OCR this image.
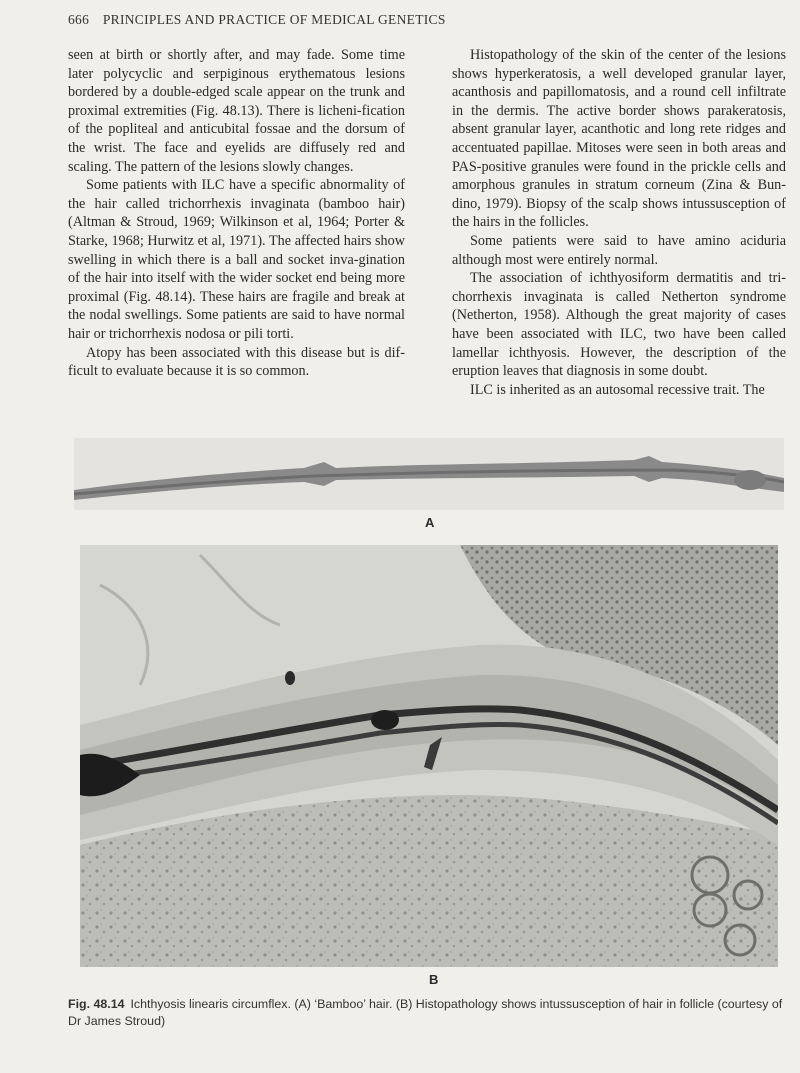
666 PRINCIPLES AND PRACTICE OF MEDICAL GENETICS

seen at birth or shortly after, and may fade. Some time later polycyclic and serpiginous erythematous lesions bordered by a double-edged scale appear on the trunk and proximal extremities (Fig. 48.13). There is licheni-fication of the popliteal and anticubital fossae and the dorsum of the wrist. The face and eyelids are diffusely red and scaling. The pattern of the lesions slowly changes.

Some patients with ILC have a specific abnormality of the hair called trichorrhexis invaginata (bamboo hair) (Altman & Stroud, 1969; Wilkinson et al, 1964; Porter & Starke, 1968; Hurwitz et al, 1971). The affected hairs show swelling in which there is a ball and socket inva-gination of the hair into itself with the wider socket end being more proximal (Fig. 48.14). These hairs are fragile and break at the nodal swellings. Some patients are said to have normal hair or trichorrhexis nodosa or pili torti.

Atopy has been associated with this disease but is dif-ficult to evaluate because it is so common.

Histopathology of the skin of the center of the lesions shows hyperkeratosis, a well developed granular layer, acanthosis and papillomatosis, and a round cell infiltrate in the dermis. The active border shows parakeratosis, absent granular layer, acanthotic and long rete ridges and accentuated papillae. Mitoses were seen in both areas and PAS-positive granules were found in the prickle cells and amorphous granules in stratum corneum (Zina & Bun-dino, 1979). Biopsy of the scalp shows intussusception of the hairs in the follicles.

Some patients were said to have amino aciduria although most were entirely normal.

The association of ichthyosiform dermatitis and tri-chorrhexis invaginata is called Netherton syndrome (Netherton, 1958). Although the great majority of cases have been associated with ILC, two have been called lamellar ichthyosis. However, the description of the eruption leaves that diagnosis in some doubt.

ILC is inherited as an autosomal recessive trait. The

A
B
Fig. 48.14 Ichthyosis linearis circumflex. (A) ‘Bamboo’ hair. (B) Histopathology shows intussusception of hair in follicle (courtesy of Dr James Stroud)
